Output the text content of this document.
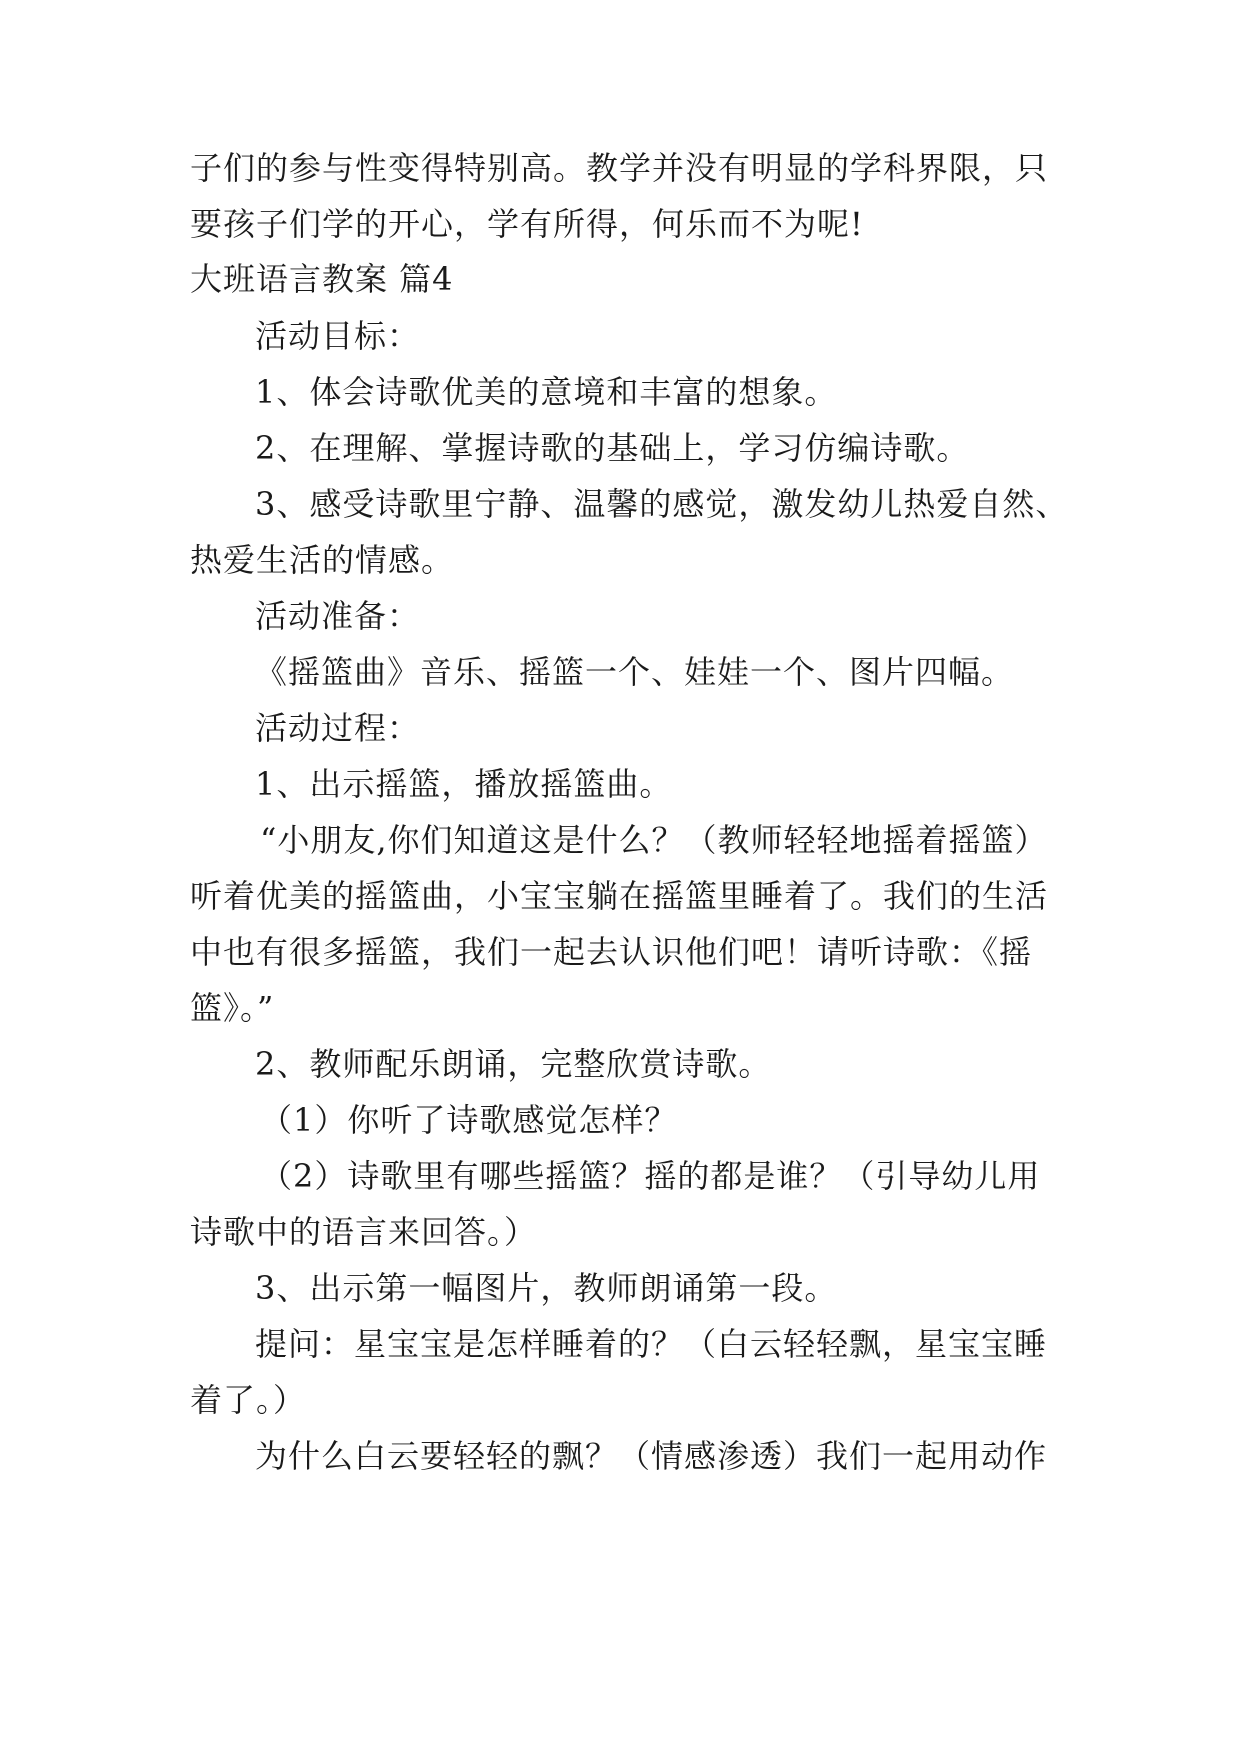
子们的参与性变得特别高。教学并没有明显的学科界限，只
要孩子们学的开心，学有所得，何乐而不为呢!
大班语言教案 篇4
活动目标：
1、体会诗歌优美的意境和丰富的想象。
2、在理解、掌握诗歌的基础上，学习仿编诗歌。
3、感受诗歌里宁静、温馨的感觉，激发幼儿热爱自然、
热爱生活的情感。
活动准备：
《摇篮曲》音乐、摇篮一个、娃娃一个、图片四幅。
活动过程：
1、出示摇篮，播放摇篮曲。
“小朋友,你们知道这是什么？（教师轻轻地摇着摇篮）
听着优美的摇篮曲，小宝宝躺在摇篮里睡着了。我们的生活
中也有很多摇篮，我们一起去认识他们吧！请听诗歌：《摇
篮》。”
2、教师配乐朗诵，完整欣赏诗歌。
（1）你听了诗歌感觉怎样？
（2）诗歌里有哪些摇篮？摇的都是谁？（引导幼儿用
诗歌中的语言来回答。）
3、出示第一幅图片，教师朗诵第一段。
提问：星宝宝是怎样睡着的？（白云轻轻飘，星宝宝睡
着了。）
为什么白云要轻轻的飘？（情感渗透）我们一起用动作
